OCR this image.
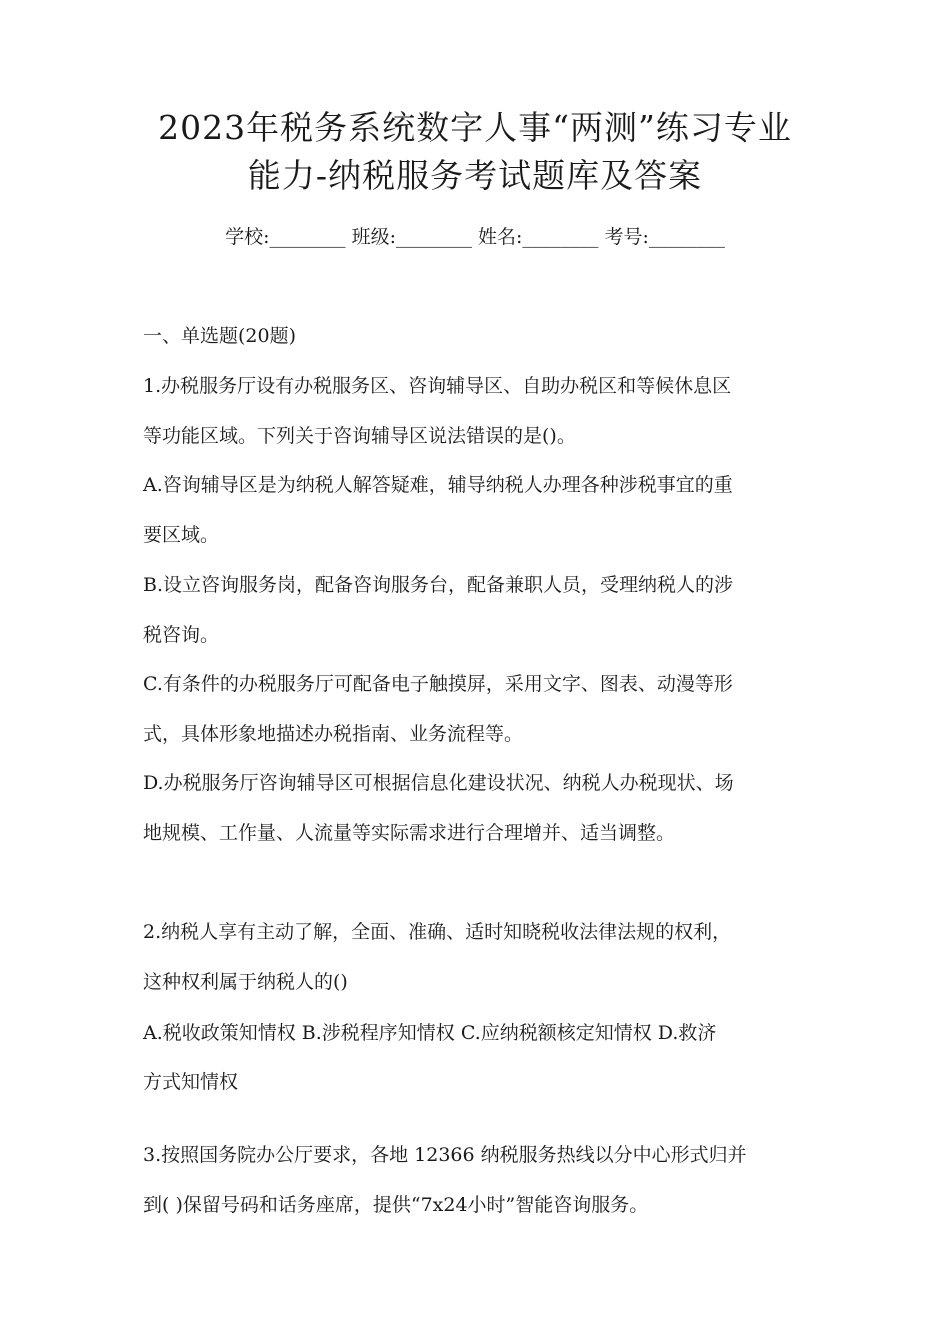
2023年税务系统数字人事“两测”练习专业
能力-纳税服务考试题库及答案
学校:________ 班级:________ 姓名:________ 考号:________
一、单选题(20题)
1.办税服务厅设有办税服务区、咨询辅导区、自助办税区和等候休息区
等功能区域。下列关于咨询辅导区说法错误的是()。
A.咨询辅导区是为纳税人解答疑难，辅导纳税人办理各种涉税事宜的重
要区域。
B.设立咨询服务岗，配备咨询服务台，配备兼职人员，受理纳税人的涉
税咨询。
C.有条件的办税服务厅可配备电子触摸屏，采用文字、图表、动漫等形
式，具体形象地描述办税指南、业务流程等。
D.办税服务厅咨询辅导区可根据信息化建设状况、纳税人办税现状、场
地规模、工作量、人流量等实际需求进行合理增并、适当调整。
2.纳税人享有主动了解，全面、准确、适时知晓税收法律法规的权利，
这种权利属于纳税人的()
A.税收政策知情权 B.涉税程序知情权 C.应纳税额核定知情权 D.救济
方式知情权
3.按照国务院办公厅要求，各地 12366 纳税服务热线以分中心形式归并
到( )保留号码和话务座席，提供“7x24小时”智能咨询服务。
